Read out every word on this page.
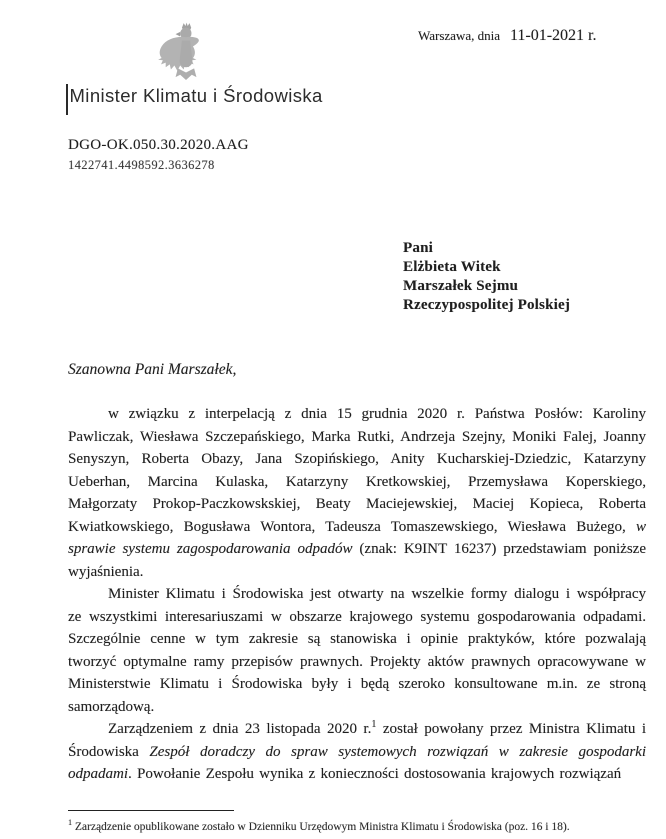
Warszawa, dnia 11-01-2021 r.
Minister Klimatu i Środowiska
DGO-OK.050.30.2020.AAG
1422741.4498592.3636278
Pani
Elżbieta Witek
Marszałek Sejmu
Rzeczypospolitej Polskiej
Szanowna Pani Marszałek,

w związku z interpelacją z dnia 15 grudnia 2020 r. Państwa Posłów: Karoliny Pawliczak, Wiesława Szczepańskiego, Marka Rutki, Andrzeja Szejny, Moniki Falej, Joanny Senyszyn, Roberta Obazy, Jana Szopińskiego, Anity Kucharskiej-Dziedzic, Katarzyny Ueberhan, Marcina Kulaska, Katarzyny Kretkowskiej, Przemysława Koperskiego, Małgorzaty Prokop-Paczkowskskiej, Beaty Maciejewskiej, Maciej Kopieca, Roberta Kwiatkowskiego, Bogusława Wontora, Tadeusza Tomaszewskiego, Wiesława Bużego, w sprawie systemu zagospodarowania odpadów (znak: K9INT 16237) przedstawiam poniższe wyjaśnienia.

Minister Klimatu i Środowiska jest otwarty na wszelkie formy dialogu i współpracy ze wszystkimi interesariuszami w obszarze krajowego systemu gospodarowania odpadami. Szczególnie cenne w tym zakresie są stanowiska i opinie praktyków, które pozwalają tworzyć optymalne ramy przepisów prawnych. Projekty aktów prawnych opracowywane w Ministerstwie Klimatu i Środowiska były i będą szeroko konsultowane m.in. ze stroną samorządową.

Zarządzeniem z dnia 23 listopada 2020 r.$^1$ został powołany przez Ministra Klimatu i Środowiska Zespół doradczy do spraw systemowych rozwiązań w zakresie gospodarki odpadami. Powołanie Zespołu wynika z konieczności dostosowania krajowych rozwiązań

$^1$ Zarządzenie opublikowane zostało w Dzienniku Urzędowym Ministra Klimatu i Środowiska (poz. 16 i 18).
